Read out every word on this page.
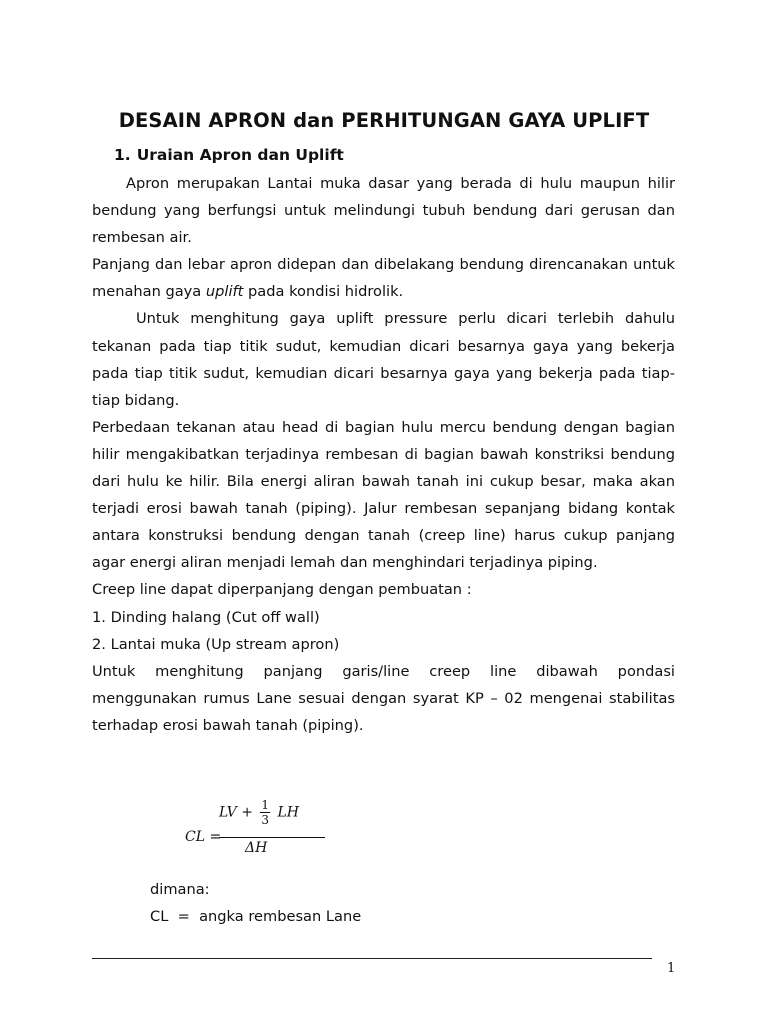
DESAIN APRON dan PERHITUNGAN GAYA UPLIFT
1. Uraian Apron dan Uplift

Apron merupakan Lantai muka dasar yang berada di hulu maupun hilir bendung yang berfungsi untuk melindungi tubuh bendung dari gerusan dan rembesan air.

Panjang dan lebar apron didepan dan dibelakang bendung direncanakan untuk menahan gaya uplift pada kondisi hidrolik.

Untuk menghitung gaya uplift pressure perlu dicari terlebih dahulu tekanan pada tiap titik sudut, kemudian dicari besarnya gaya yang bekerja pada tiap titik sudut, kemudian dicari besarnya gaya yang bekerja pada tiap-tiap bidang.

Perbedaan tekanan atau head di bagian hulu mercu bendung dengan bagian hilir mengakibatkan terjadinya rembesan di bagian bawah konstriksi bendung dari hulu ke hilir. Bila energi aliran bawah tanah ini cukup besar, maka akan terjadi erosi bawah tanah (piping). Jalur rembesan sepanjang bidang kontak antara konstruksi bendung dengan tanah (creep line) harus cukup panjang agar energi aliran menjadi lemah dan menghindari terjadinya piping.

Creep line dapat diperpanjang dengan pembuatan :

1. Dinding halang (Cut off wall)

2. Lantai muka (Up stream apron)

Untuk menghitung panjang garis/line creep line dibawah pondasi menggunakan rumus Lane sesuai dengan syarat KP – 02 mengenai stabilitas terhadap erosi bawah tanah (piping).

CL =
LV + $\frac{1}{3}$ LH
ΔH
dimana:
CL  =  angka rembesan Lane
1
